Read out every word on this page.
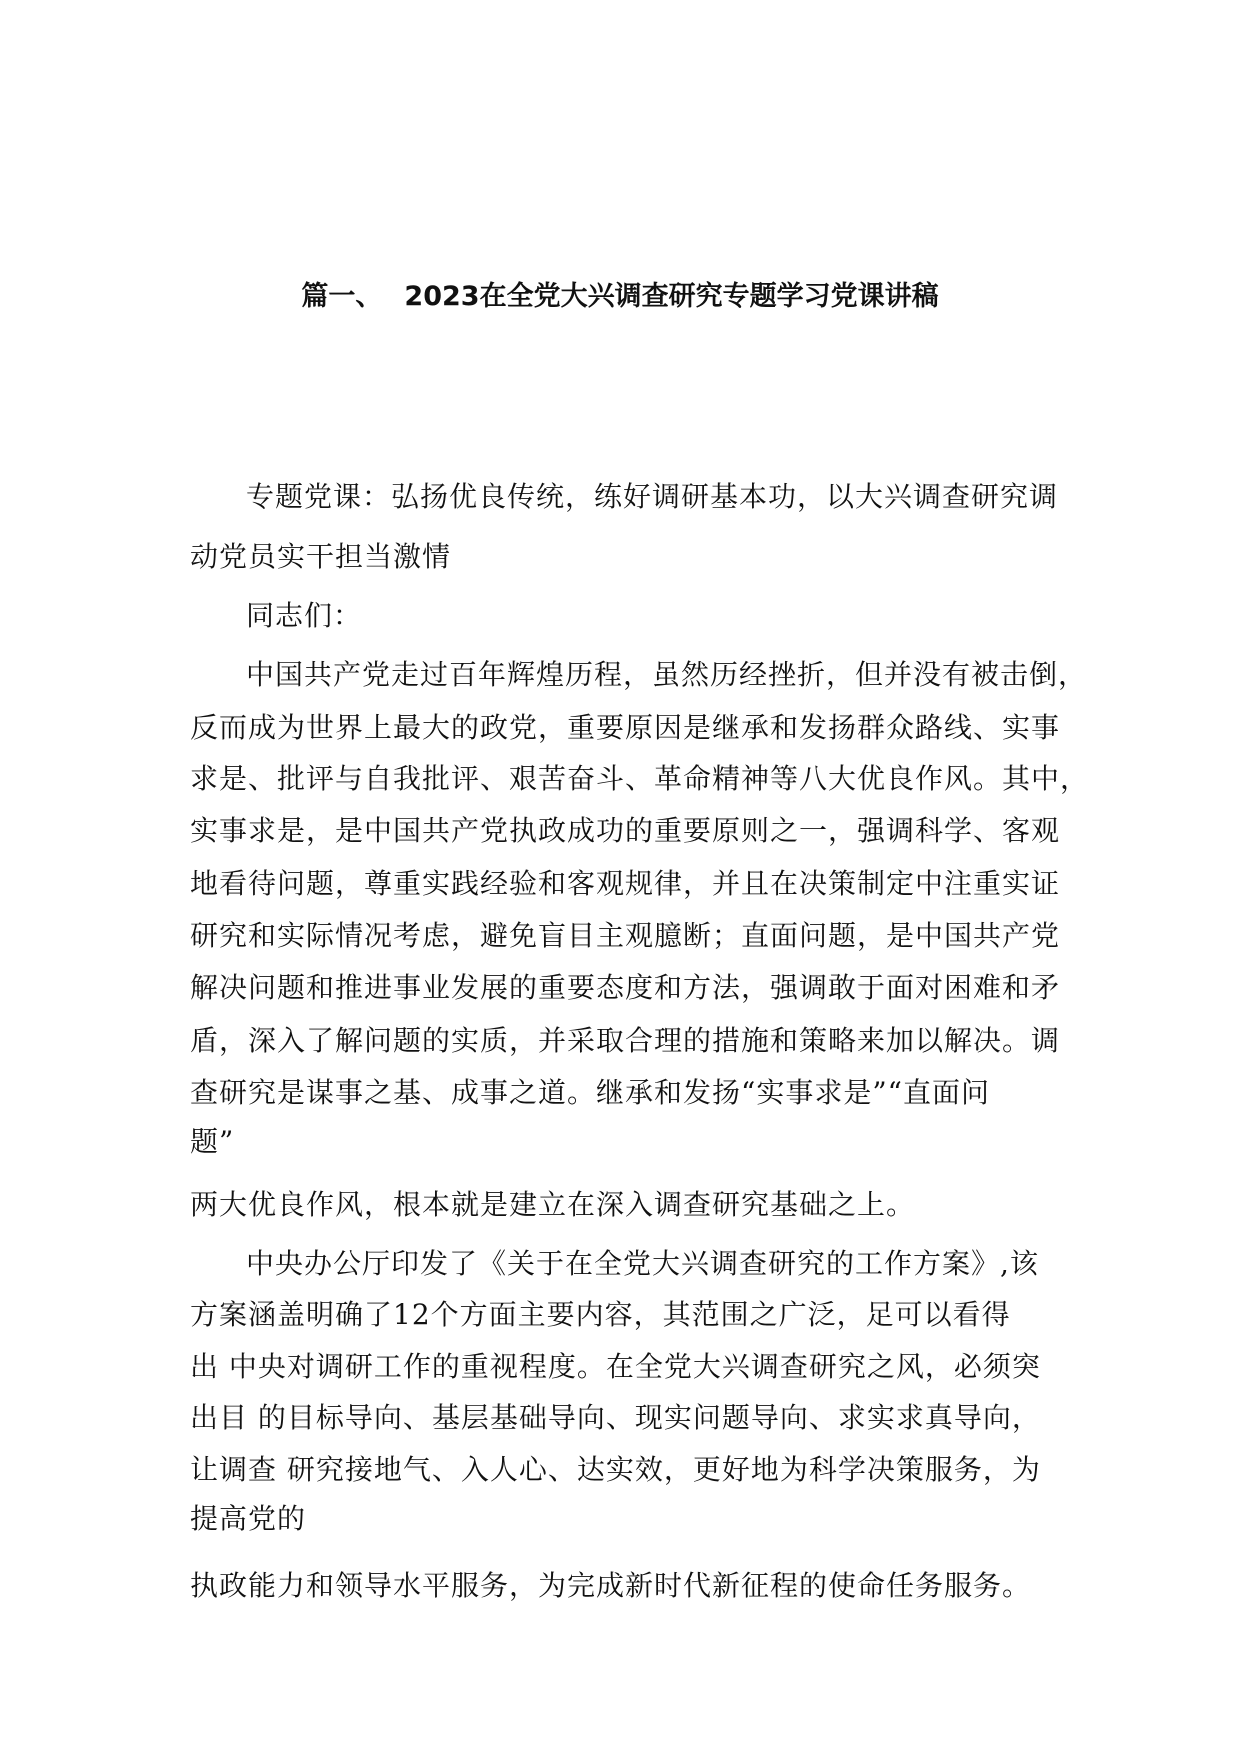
篇一、 2023在全党大兴调查研究专题学习党课讲稿
专题党课：弘扬优良传统，练好调研基本功，以大兴调查研究调
动党员实干担当激情
同志们：
中国共产党走过百年辉煌历程，虽然历经挫折，但并没有被击倒，
反而成为世界上最大的政党，重要原因是继承和发扬群众路线、实事
求是、批评与自我批评、艰苦奋斗、革命精神等八大优良作风。其中，
实事求是，是中国共产党执政成功的重要原则之一，强调科学、客观
地看待问题，尊重实践经验和客观规律，并且在决策制定中注重实证
研究和实际情况考虑，避免盲目主观臆断；直面问题，是中国共产党
解决问题和推进事业发展的重要态度和方法，强调敢于面对困难和矛
盾，深入了解问题的实质，并采取合理的措施和策略来加以解决。调
查研究是谋事之基、成事之道。继承和发扬“实事求是”“直面问
题”
两大优良作风，根本就是建立在深入调查研究基础之上。
中央办公厅印发了《关于在全党大兴调查研究的工作方案》,该
方案涵盖明确了12个方面主要内容，其范围之广泛，足可以看得
出 中央对调研工作的重视程度。在全党大兴调查研究之风，必须突
出目 的目标导向、基层基础导向、现实问题导向、求实求真导向，
让调查 研究接地气、入人心、达实效，更好地为科学决策服务，为
提高党的
执政能力和领导水平服务，为完成新时代新征程的使命任务服务。
